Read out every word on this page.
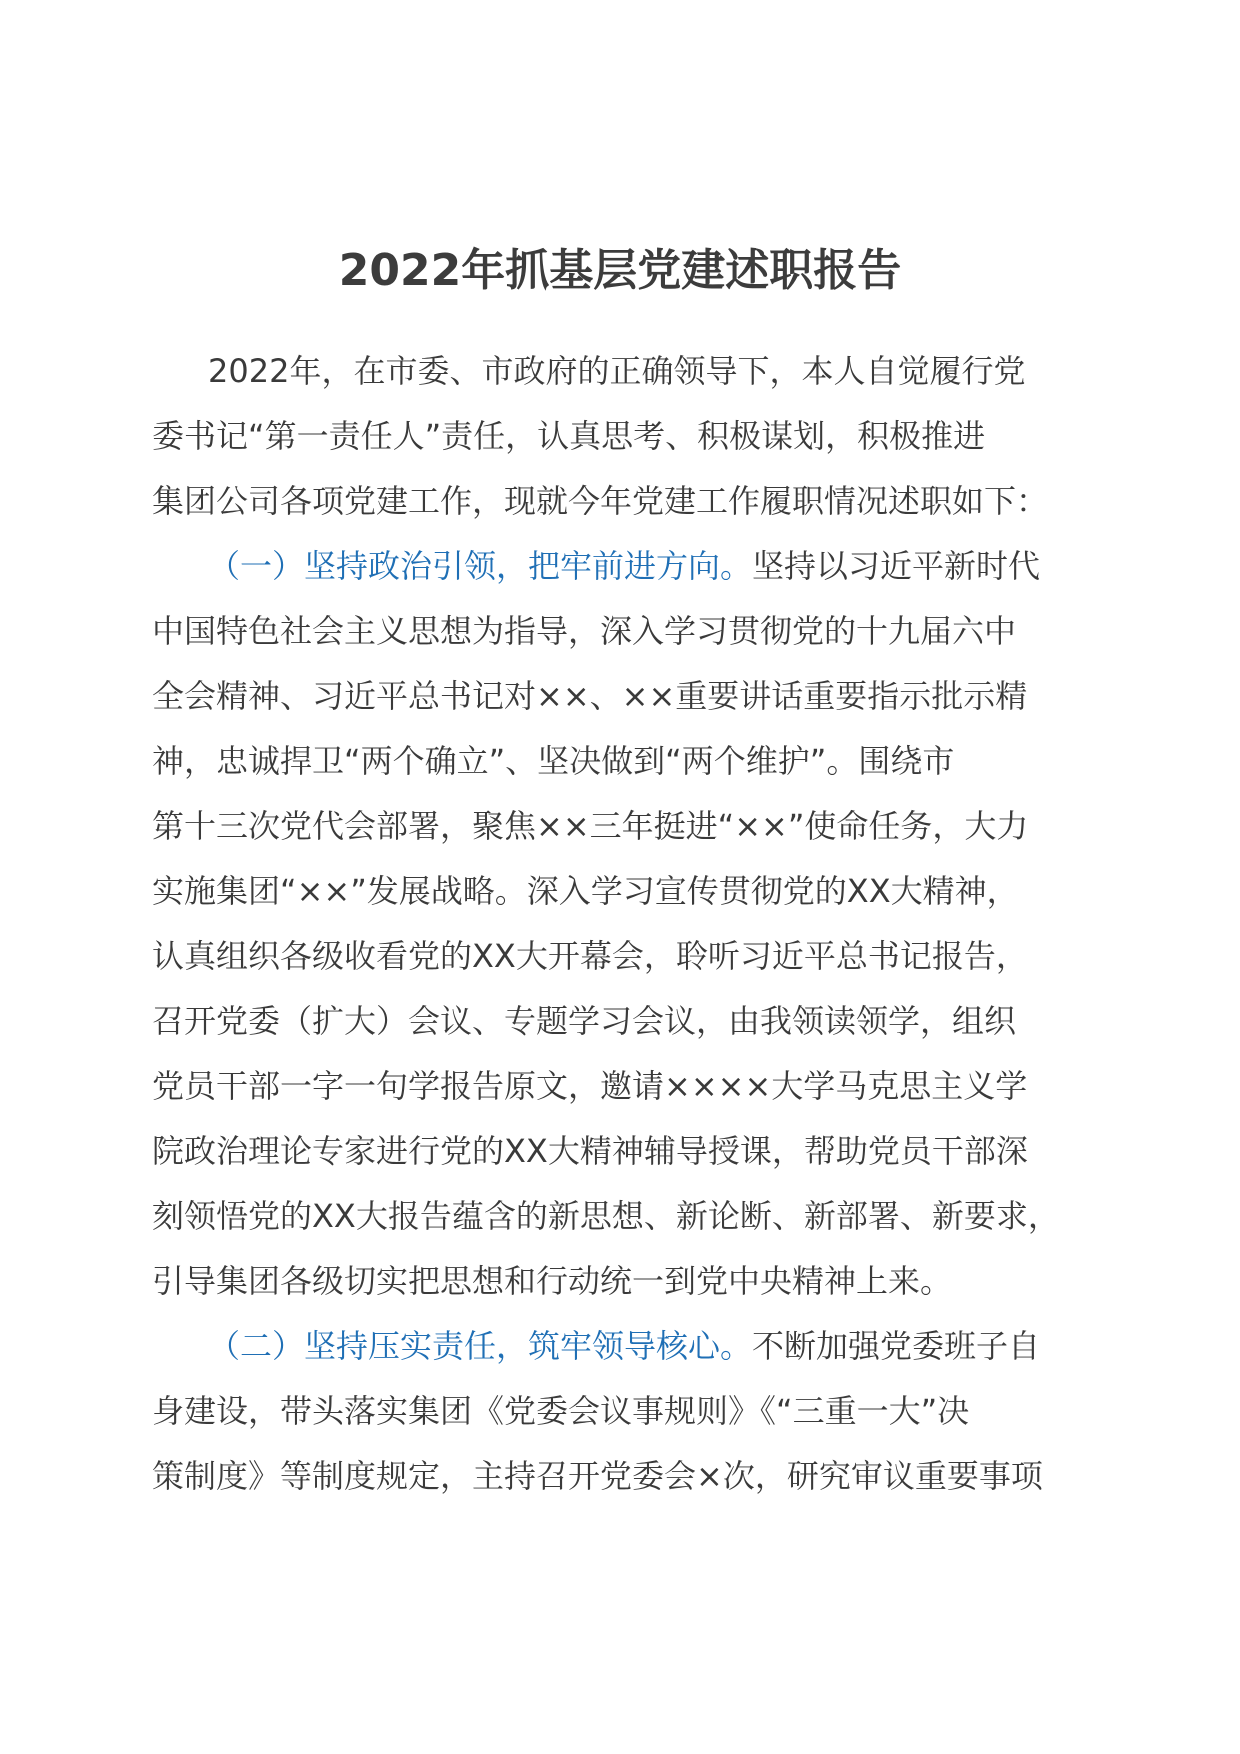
2022年抓基层党建述职报告
2022年，在市委、市政府的正确领导下，本人自觉履行党
委书记“第一责任人”责任，认真思考、积极谋划，积极推进
集团公司各项党建工作，现就今年党建工作履职情况述职如下：
（一）坚持政治引领，把牢前进方向。坚持以习近平新时代
中国特色社会主义思想为指导，深入学习贯彻党的十九届六中
全会精神、习近平总书记对××、××重要讲话重要指示批示精
神，忠诚捍卫“两个确立”、坚决做到“两个维护”。围绕市
第十三次党代会部署，聚焦××三年挺进“××”使命任务，大力
实施集团“××”发展战略。深入学习宣传贯彻党的XX大精神，
认真组织各级收看党的XX大开幕会，聆听习近平总书记报告，
召开党委（扩大）会议、专题学习会议，由我领读领学，组织
党员干部一字一句学报告原文，邀请××××大学马克思主义学
院政治理论专家进行党的XX大精神辅导授课，帮助党员干部深
刻领悟党的XX大报告蕴含的新思想、新论断、新部署、新要求，
引导集团各级切实把思想和行动统一到党中央精神上来。
（二）坚持压实责任，筑牢领导核心。不断加强党委班子自
身建设，带头落实集团《党委会议事规则》《“三重一大”决
策制度》等制度规定，主持召开党委会×次，研究审议重要事项
